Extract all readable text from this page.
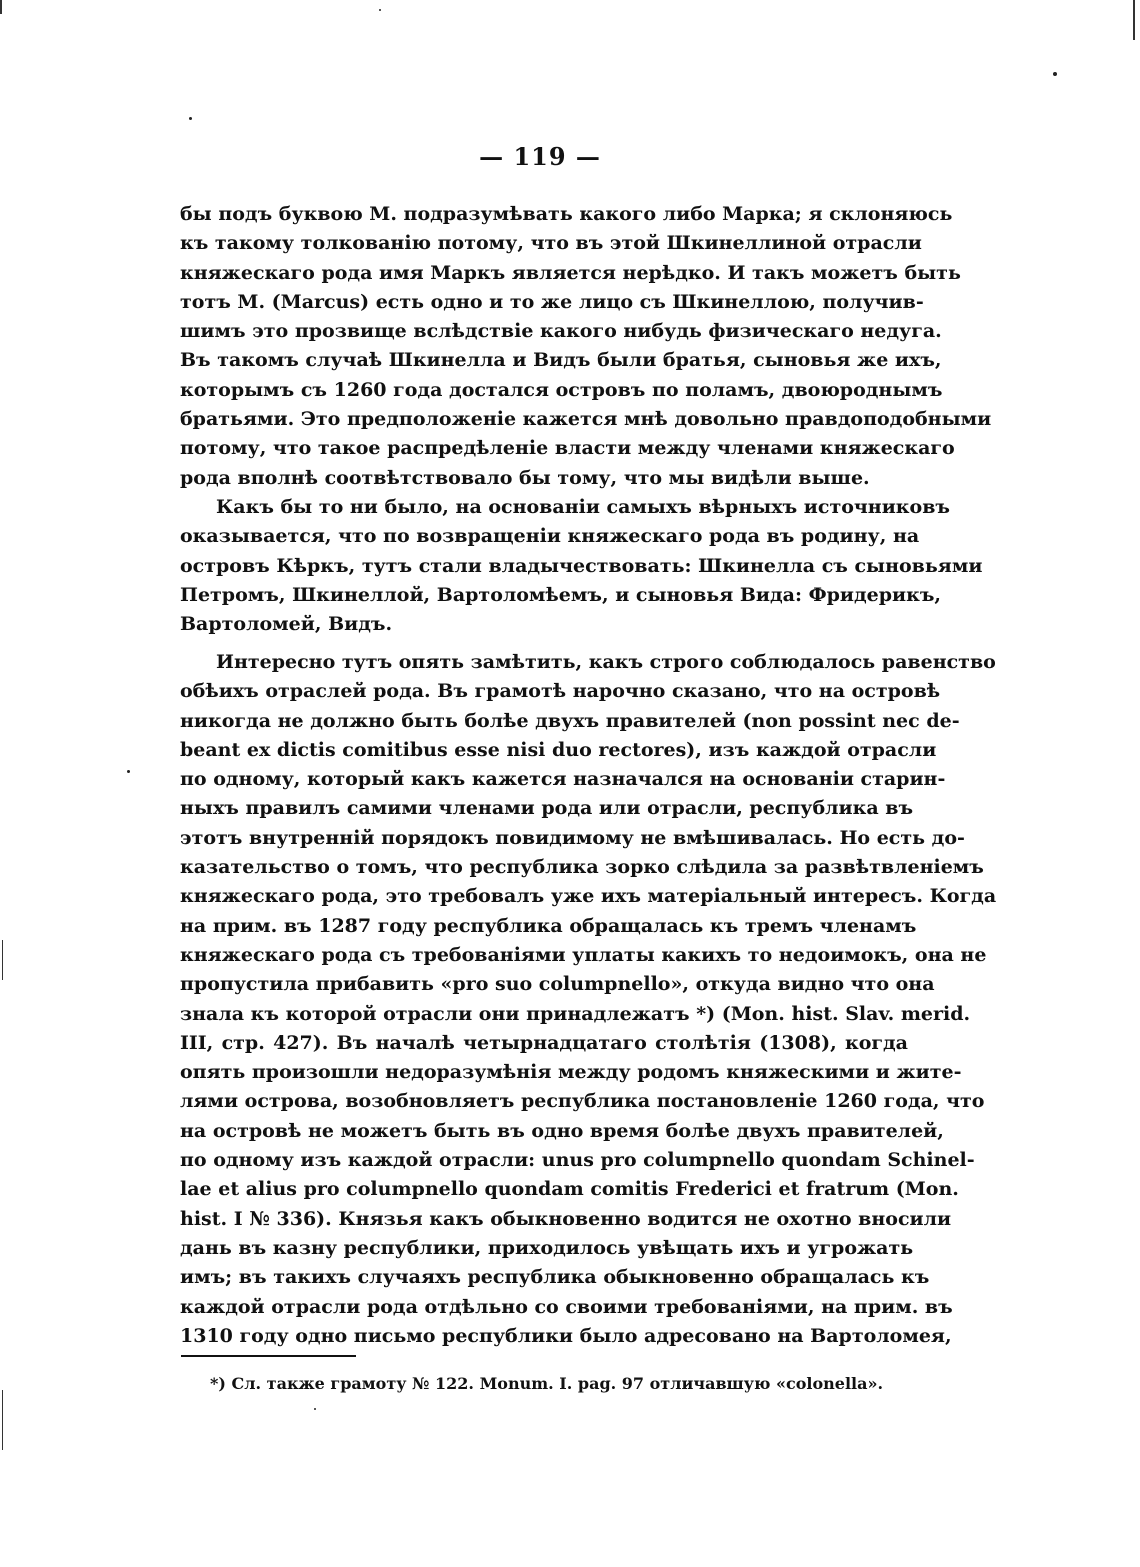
— 119 —
бы подъ буквою М. подразумѣвать какого либо Марка; я склоняюсь
къ такому толкованію потому, что въ этой Шкинеллиной отрасли
княжескаго рода имя Маркъ является нерѣдко. И такъ можетъ быть
тотъ М. (Marcus) есть одно и то же лицо съ Шкинеллою, получив-
шимъ это прозвище вслѣдствіе какого нибудь физическаго недуга.
Въ такомъ случаѣ Шкинелла и Видъ были братья, сыновья же ихъ,
которымъ съ 1260 года достался островъ по поламъ, двоюроднымъ
братьями. Это предположеніе кажется мнѣ довольно правдоподобными
потому, что такое распредѣленіе власти между членами княжескаго
рода вполнѣ соотвѣтствовало бы тому, что мы видѣли выше.
Какъ бы то ни было, на основаніи самыхъ вѣрныхъ источниковъ
оказывается, что по возвращеніи княжескаго рода въ родину, на
островъ Кѣркъ, тутъ стали владычествовать: Шкинелла съ сыновьями
Петромъ, Шкинеллой, Вартоломѣемъ, и сыновья Вида: Фридерикъ,
Вартоломей, Видъ.
Интересно тутъ опять замѣтить, какъ строго соблюдалось равенство
обѣихъ отраслей рода. Въ грамотѣ нарочно сказано, что на островѣ
никогда не должно быть болѣе двухъ правителей (non possint nec de-
beant ex dictis comitibus esse nisi duo rectores), изъ каждой отрасли
по одному, который какъ кажется назначался на основаніи старин-
ныхъ правилъ самими членами рода или отрасли, республика въ
этотъ внутренній порядокъ повидимому не вмѣшивалась. Но есть до-
казательство о томъ, что республика зорко слѣдила за развѣтвленіемъ
княжескаго рода, это требовалъ уже ихъ матеріальный интересъ. Когда
на прим. въ 1287 году республика обращалась къ тремъ членамъ
княжескаго рода съ требованіями уплаты какихъ то недоимокъ, она не
пропустила прибавить «pro suo columpnello», откуда видно что она
знала къ которой отрасли они принадлежатъ *) (Mon. hist. Slav. merid.
III, стр. 427). Въ началѣ четырнадцатаго столѣтія (1308), когда
опять произошли недоразумѣнія между родомъ княжескими и жите-
лями острова, возобновляетъ республика постановленіе 1260 года, что
на островѣ не можетъ быть въ одно время болѣе двухъ правителей,
по одному изъ каждой отрасли: unus pro columpnello quondam Schinel-
lae et alius pro columpnello quondam comitis Frederici et fratrum (Mon.
hist. I № 336). Князья какъ обыкновенно водится не охотно вносили
дань въ казну республики, приходилось увѣщать ихъ и угрожать
имъ; въ такихъ случаяхъ республика обыкновенно обращалась къ
каждой отрасли рода отдѣльно со своими требованіями, на прим. въ
1310 году одно письмо республики было адресовано на Вартоломея,
*) Сл. также грамоту № 122. Monum. I. pag. 97 отличавшую «colonella».
